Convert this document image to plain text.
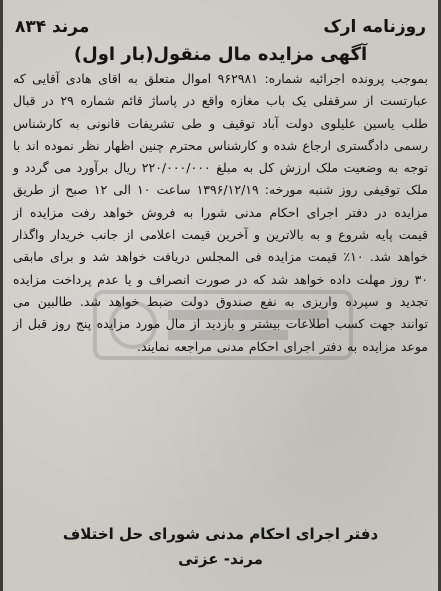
روزنامه ارک
مرند ۸۳۴
آگهی مزایده مال منقول(بار اول)
بموجب پرونده اجرائیه شماره: ۹۶۲۹۸۱ اموال متعلق به اقای هادی آقایی که عبارتست از سرقفلی یک باب مغازه واقع در پاساژ قائم شماره ۲۹ در قبال طلب یاسین علیلوی دولت آباد توقیف و طی تشریفات قانونی به کارشناس رسمی دادگستری ارجاع شده و کارشناس محترم چنین اظهار نظر نموده اند با توجه به وضعیت ملک ارزش کل به مبلغ ۲۲۰/۰۰۰/۰۰۰ ریال برآورد می گردد و ملک توقیفی روز شنبه مورخه: ۱۳۹۶/۱۲/۱۹ ساعت ۱۰ الی ۱۲ صبح از طریق مزایده در دفتر اجرای احکام مدنی شورا به فروش خواهد رفت مزایده از قیمت پایه شروع و به بالاترین و آخرین قیمت اعلامی از جانب خریدار واگذار خواهد شد. ۱۰٪ قیمت مزایده فی المجلس دریافت خواهد شد و برای مابقی ۳۰ روز مهلت داده خواهد شد که در صورت انصراف و یا عدم پرداخت مزایده تجدید و سپرده واریزی به نفع صندوق دولت ضبط خواهد شد. طالبین می توانند جهت کسب اطلاعات بیشتر و بازدید از مال مورد مزایده پنج روز قبل از موعد مزایده به دفتر اجرای احکام مدنی مراجعه نمایند.
دفتر اجرای احکام مدنی شورای حل اختلاف
مرند- عزتی
